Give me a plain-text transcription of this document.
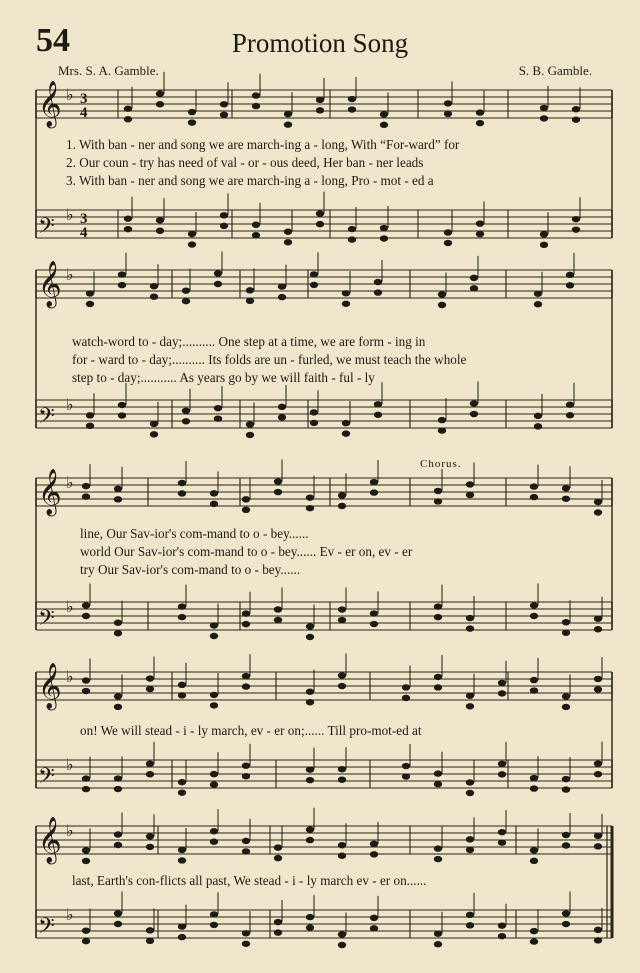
54	Promotion Song
Mrs. S. A. Gamble.	S. B. Gamble.
𝄞 ♭
𝄢 ♭
𝄞 ♭
𝄢 ♭
𝄞 ♭
𝄢 ♭
𝄞 ♭
𝄢 ♭
𝄞 ♭
𝄢 ♭
3
4
3
4
1. With ban - ner and song we are march-ing a - long, With “For-ward” for
2. Our coun - try has need of val - or - ous deed, Her ban - ner leads
3. With ban - ner and song we are march-ing a - long, Pro - mot - ed a
watch-word to - day;.......... One step at a time, we are form - ing in
for - ward to - day;.......... Its folds are un - furled, we must teach the whole
step to - day;........... As years go by we will faith - ful - ly
Chorus.
line, Our Sav-ior's com-mand to o - bey......
world Our Sav-ior's com-mand to o - bey...... Ev - er on, ev - er
try Our Sav-ior's com-mand to o - bey......
on! We will stead - i - ly march, ev - er on;...... Till pro-mot-ed at
last, Earth's con-flicts all past, We stead - i - ly march ev - er on......
